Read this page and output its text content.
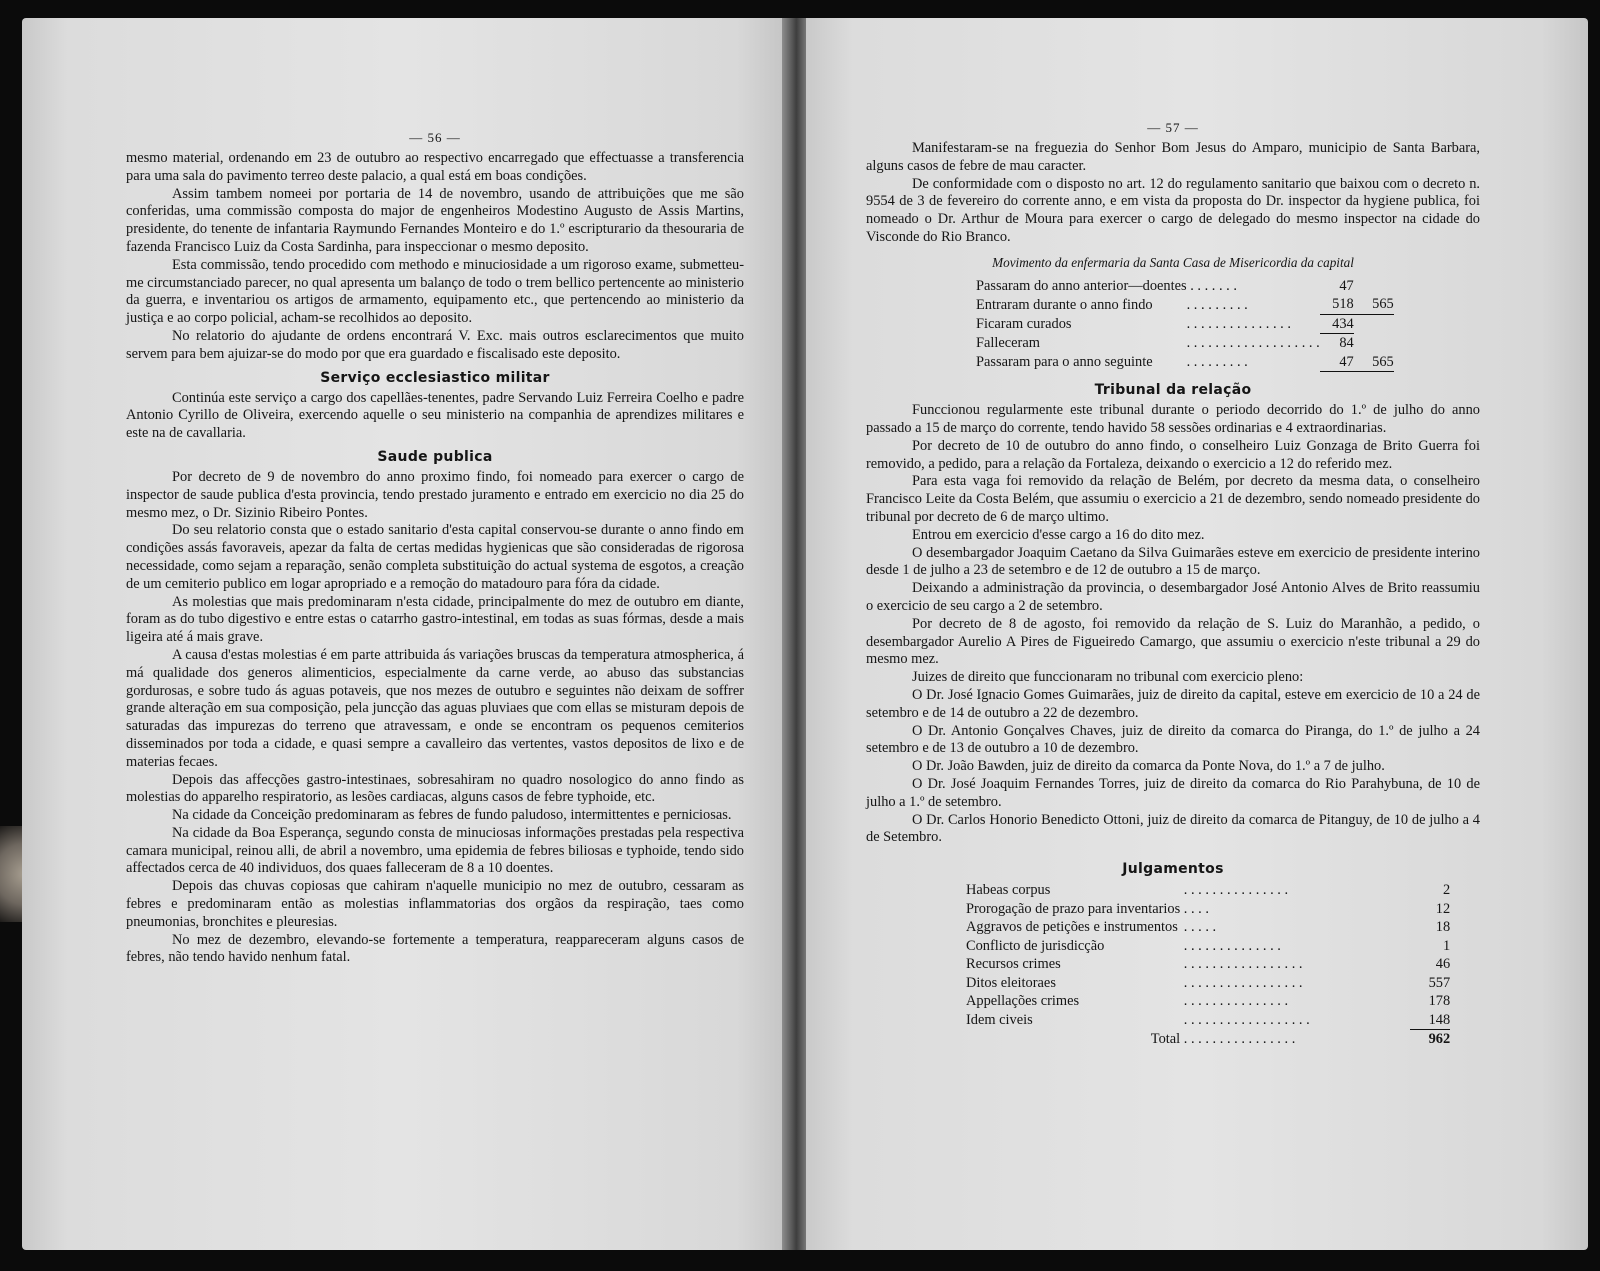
— 56 —

mesmo material, ordenando em 23 de outubro ao respectivo encarregado que effectuasse a transferencia para uma sala do pavimento terreo deste palacio, a qual está em boas condições.

Assim tambem nomeei por portaria de 14 de novembro, usando de attribuições que me são conferidas, uma commissão composta do major de engenheiros Modestino Augusto de Assis Martins, presidente, do tenente de infantaria Raymundo Fernandes Monteiro e do 1.º escripturario da thesouraria de fazenda Francisco Luiz da Costa Sardinha, para inspeccionar o mesmo deposito.

Esta commissão, tendo procedido com methodo e minuciosidade a um rigoroso exame, submetteu-me circumstanciado parecer, no qual apresenta um balanço de todo o trem bellico pertencente ao ministerio da guerra, e inventariou os artigos de armamento, equipamento etc., que pertencendo ao ministerio da justiça e ao corpo policial, acham-se recolhidos ao deposito.

No relatorio do ajudante de ordens encontrará V. Exc. mais outros esclarecimentos que muito servem para bem ajuizar-se do modo por que era guardado e fiscalisado este deposito.

Serviço ecclesiastico militar

Continúa este serviço a cargo dos capellães-tenentes, padre Servando Luiz Ferreira Coelho e padre Antonio Cyrillo de Oliveira, exercendo aquelle o seu ministerio na companhia de aprendizes militares e este na de cavallaria.

Saude publica

Por decreto de 9 de novembro do anno proximo findo, foi nomeado para exercer o cargo de inspector de saude publica d'esta provincia, tendo prestado juramento e entrado em exercicio no dia 25 do mesmo mez, o Dr. Sizinio Ribeiro Pontes.

Do seu relatorio consta que o estado sanitario d'esta capital conservou-se durante o anno findo em condições assás favoraveis, apezar da falta de certas medidas hygienicas que são consideradas de rigorosa necessidade, como sejam a reparação, senão completa substituição do actual systema de esgotos, a creação de um cemiterio publico em logar apropriado e a remoção do matadouro para fóra da cidade.

As molestias que mais predominaram n'esta cidade, principalmente do mez de outubro em diante, foram as do tubo digestivo e entre estas o catarrho gastro-intestinal, em todas as suas fórmas, desde a mais ligeira até á mais grave.

A causa d'estas molestias é em parte attribuida ás variações bruscas da temperatura atmospherica, á má qualidade dos generos alimenticios, especialmente da carne verde, ao abuso das substancias gordurosas, e sobre tudo ás aguas potaveis, que nos mezes de outubro e seguintes não deixam de soffrer grande alteração em sua composição, pela juncção das aguas pluviaes que com ellas se misturam depois de saturadas das impurezas do terreno que atravessam, e onde se encontram os pequenos cemiterios disseminados por toda a cidade, e quasi sempre a cavalleiro das vertentes, vastos depositos de lixo e de materias fecaes.

Depois das affecções gastro-intestinaes, sobresahiram no quadro nosologico do anno findo as molestias do apparelho respiratorio, as lesões cardiacas, alguns casos de febre typhoide, etc.

Na cidade da Conceição predominaram as febres de fundo paludoso, intermittentes e perniciosas.

Na cidade da Boa Esperança, segundo consta de minuciosas informações prestadas pela respectiva camara municipal, reinou alli, de abril a novembro, uma epidemia de febres biliosas e typhoide, tendo sido affectados cerca de 40 individuos, dos quaes falleceram de 8 a 10 doentes.

Depois das chuvas copiosas que cahiram n'aquelle municipio no mez de outubro, cessaram as febres e predominaram então as molestias inflammatorias dos orgãos da respiração, taes como pneumonias, bronchites e pleuresias.

No mez de dezembro, elevando-se fortemente a temperatura, reappareceram alguns casos de febres, não tendo havido nenhum fatal.

— 57 —

Manifestaram-se na freguezia do Senhor Bom Jesus do Amparo, municipio de Santa Barbara, alguns casos de febre de mau caracter.

De conformidade com o disposto no art. 12 do regulamento sanitario que baixou com o decreto n. 9554 de 3 de fevereiro do corrente anno, e em vista da proposta do Dr. inspector da hygiene publica, foi nomeado o Dr. Arthur de Moura para exercer o cargo de delegado do mesmo inspector na cidade do Visconde do Rio Branco.

Movimento da enfermaria da Santa Casa de Misericordia da capital
Passaram do anno anterior—doentes	. . . . . . .	47	
Entraram durante o anno findo	. . . . . . . . .	518	565
Ficaram curados	. . . . . . . . . . . . . . .	434	
Falleceram	. . . . . . . . . . . . . . . . . . .	84	
Passaram para o anno seguinte	. . . . . . . . .	47	565
Tribunal da relação

Funccionou regularmente este tribunal durante o periodo decorrido do 1.º de julho do anno passado a 15 de março do corrente, tendo havido 58 sessões ordinarias e 4 extraordinarias.

Por decreto de 10 de outubro do anno findo, o conselheiro Luiz Gonzaga de Brito Guerra foi removido, a pedido, para a relação da Fortaleza, deixando o exercicio a 12 do referido mez.

Para esta vaga foi removido da relação de Belém, por decreto da mesma data, o conselheiro Francisco Leite da Costa Belém, que assumiu o exercicio a 21 de dezembro, sendo nomeado presidente do tribunal por decreto de 6 de março ultimo.

Entrou em exercicio d'esse cargo a 16 do dito mez.

O desembargador Joaquim Caetano da Silva Guimarães esteve em exercicio de presidente interino desde 1 de julho a 23 de setembro e de 12 de outubro a 15 de março.

Deixando a administração da provincia, o desembargador José Antonio Alves de Brito reassumiu o exercicio de seu cargo a 2 de setembro.

Por decreto de 8 de agosto, foi removido da relação de S. Luiz do Maranhão, a pedido, o desembargador Aurelio A Pires de Figueiredo Camargo, que assumiu o exercicio n'este tribunal a 29 do mesmo mez.

Juizes de direito que funccionaram no tribunal com exercicio pleno:

O Dr. José Ignacio Gomes Guimarães, juiz de direito da capital, esteve em exercicio de 10 a 24 de setembro e de 14 de outubro a 22 de dezembro.

O Dr. Antonio Gonçalves Chaves, juiz de direito da comarca do Piranga, do 1.º de julho a 24 setembro e de 13 de outubro a 10 de dezembro.

O Dr. João Bawden, juiz de direito da comarca da Ponte Nova, do 1.º a 7 de julho.

O Dr. José Joaquim Fernandes Torres, juiz de direito da comarca do Rio Parahybuna, de 10 de julho a 1.º de setembro.

O Dr. Carlos Honorio Benedicto Ottoni, juiz de direito da comarca de Pitanguy, de 10 de julho a 4 de Setembro.

Julgamentos
Habeas corpus	. . . . . . . . . . . . . . .	2
Prorogação de prazo para inventarios	. . . .	12
Aggravos de petições e instrumentos	. . . . .	18
Conflicto de jurisdicção	. . . . . . . . . . . . . .	1
Recursos crimes	. . . . . . . . . . . . . . . . .	46
Ditos eleitoraes	. . . . . . . . . . . . . . . . .	557
Appellações crimes	. . . . . . . . . . . . . . .	178
Idem civeis	. . . . . . . . . . . . . . . . . .	148
Total	. . . . . . . . . . . . . . . .	962
